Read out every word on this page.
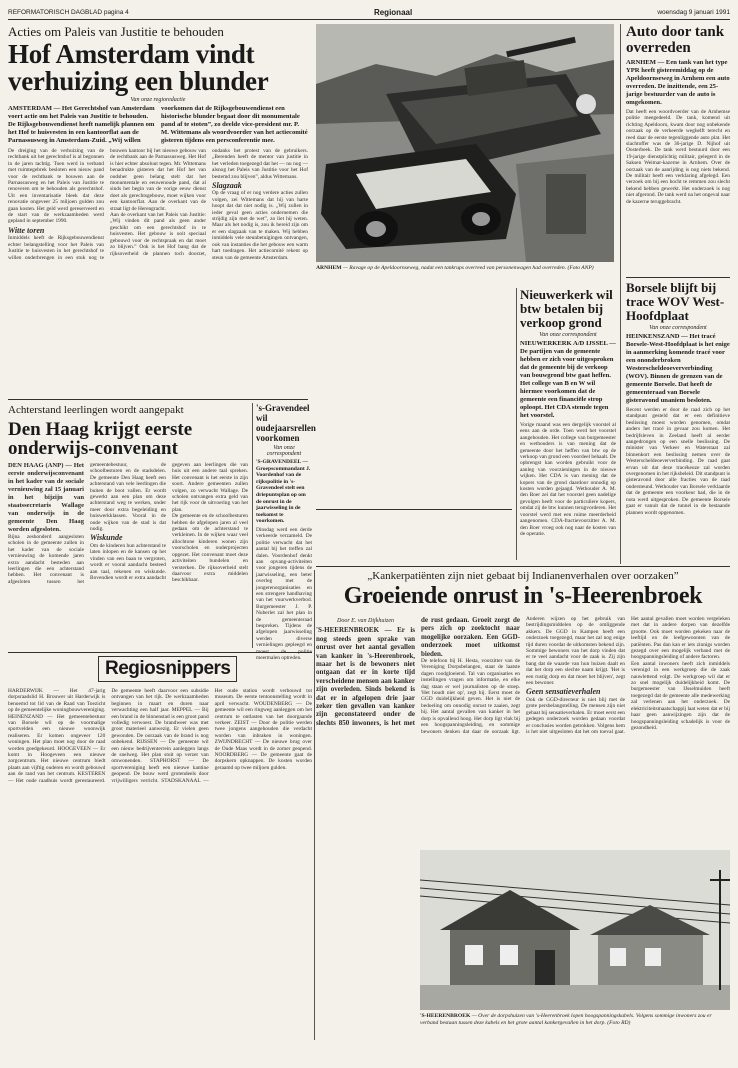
REFORMATORISCH DAGBLAD pagina 4	Regionaal	woensdag 9 januari 1991
Acties om Paleis van Justitie te behouden
Hof Amsterdam vindt verhuizing een blunder
Van onze regioredactie
AMSTERDAM — Het Gerechtshof van Amsterdam voert actie om het Paleis van Justitie te behouden. De Rijksgebouwendienst heeft namelijk plannen om het Hof te huisvesten in een kantoorflat aan de Parnassusweg in Amsterdam-Zuid. „Wij willen voorkomen dat de Rijksgebouwendienst een historische blunder begaat door dit monumentale pand af te stoten”, zo deelde vice-president mr. P. M. Wittemans als woordvoerder van het actiecomité gisteren tijdens een persconferentie mee.

De dreiging van de verhuizing van de rechtbank uit het gerechtshof is al begonnen in de jaren tachtig. Toen werd in verband met ruimtegebrek besloten een nieuw pand voor de rechtbank te bouwen aan de Parnassusweg en het Paleis van Justitie te renoveren om te behouden als gerechtshof. Uit een inventarisatie bleek dat deze renovatie ongeveer 25 miljoen gulden zou gaan kosten. Het geld werd gereserveerd en de start van de werkzaamheden werd gepland in september 1990.

Witte toren

Inmiddels heeft de Rijksgebouwendienst echter belangstelling voor het Paleis van Justitie te huisvesten in het gerechtshof te willen onderbrengen in een stuk nog te bouwen kantoor bij het nieuwe gebouw van de rechtbank aan de Parnassusweg. Het Hof is hier echter absoluut tegen. Mr. Wittemans benadrukte gisteren dat het Hof het van oudsher geen belang stelt dat het monumentale en eeuwenoude pand, dat al sinds het begin van de vorige eeuw dienst doet als gerechtsgebouw, moet wijken voor een kantoorflat. Aan de overkant van de straat ligt de Herengracht.

Aan de overkant van het Paleis van Justitie: „Wij vinden dit pand als geen ander geschikt om een gerechtshof in te huisvesten. Het gebouw is ooit speciaal gebouwd voor de rechtspraak en dat moet zo blijven.” Ook is het Hof bang dat de rijksoverheid de plannen toch doorzet, ondanks het protest van de gebruikers. „Berenden heeft de mentor van justitie in het verleden toegezegd dat het — nu nog — alsnog het Paleis van Justitie voor het Hof bestemd zou blijven”, aldus Wittemans.

Slagzaak

Op de vraag of er nog verdere acties zullen volgen, zei Wittemans dat hij van harte hoopt dat dat niet nodig is. „Wij zullen in ieder geval geen acties ondernemen die strijdig zijn met de wet”, zo liet hij weten. Maar als het nodig is, zou ik bereid zijn om er een slagzaak van te maken. Wij hebben inmiddels vele steunbetuigingen ontvangen, ook van instanties die het gebouw een warm hart toedragen. Het actiecomité rekent op steun van de gemeente Amsterdam.

ARNHEM — Ravage op de Apeldoornseweg, nadat een tankrups overreed van personenwagen had overreden. (Foto ANP)
Auto door tank overreden
ARNHEM — Een tank van het type YPR heeft gisteremiddag op de Apeldoornseweg in Arnhem een auto overreden. De inzittende, een 25-jarige bestuurder van de auto is omgekomen.
Dat heeft een woordvoerder van de Arnhemse politie meegedeeld. De tank, komend uit richting Apeldoorn, kwam door nog onbekende oorzaak op de verkeerde weghelft terecht en reed daar de eerste tegenliggende auto plat. Het slachtoffer was de 36-jarige D. Nijhof uit Oosterbeek. De tank werd bestuurd door een 19-jarige dienstplichtig militair, gelegerd in de Saksen Weimar-kazerne in Arnhem. Over de oorzaak van de aanrijding is nog niets bekend. De militair heeft een verklaring afgelegd. Een verzoek om bij een bocht te remmen zou slecht bekend hebben gewerkt. Het onderzoek is nog niet afgerond. De tank werd na het ongeval naar de kazerne teruggebracht.
Borsele blijft bij trace WOV West-Hoofdplaat
Van onze correspondent
HEINKENSZAND — Het tracé Borsele-West-Hoofdplaat is het enige in aanmerking komende tracé voor een ononderbroken Westerscheldeoeververbinding (WOV). Binnen de grenzen van de gemeente Borsele. Dat heeft de gemeenteraad van Borsele gisteravond unaniem besloten.
Recent werden er door de raad zich op het standpunt gesteld dat er een definitieve beslissing moest worden genomen, omdat anders het tracé in gevaar zou komen. Het bedrijfsleven in Zeeland heeft al eerder aangedrongen op een snelle beslissing. De minister van Verkeer en Waterstaat zal binnenkort een beslissing nemen over de Westerscheldeoeververbinding. De raad gaat ervan uit dat deze tracékeuze zal worden overgenomen in het rijksbeleid. Dit standpunt is gisteravond door alle fracties van de raad ondersteund. Wethouder van Borsele verklaarde dat de gemeente een voorkeur had, die in de nota werd uitgesproken. De gemeente Borsele gaat er vanuit dat de tunnel in de bestaande plannen wordt opgenomen.

Nieuwerkerk wil btw betalen bij verkoop grond
Van onze correspondent
NIEUWERKERK A/D IJSSEL — De partijen van de gemeente hebben er zich voor uitgesproken dat de gemeente bij de verkoop van bouwgrond btw gaat heffen. Het college van B en W wil hiermee voorkomen dat de gemeente een financiële strop oploopt. Het CDA stemde tegen het voorstel.
Vorige maand was een dergelijk voorstel al eens aan de orde. Toen werd het voorstel aangehouden. Het college van burgemeester en wethouders is van mening dat de gemeente door het heffen van btw op de verkoop van grond een voordeel behaalt. De opbrengst kan worden gebruikt voor de aanleg van voorzieningen in de nieuwe wijken. Het CDA is van mening dat de kopers van de grond daardoor onnodig op kosten worden gejaagd. Wethouder A. M. den Boer zei dat het voorstel geen nadelige gevolgen heeft voor de particuliere kopers, omdat zij de btw kunnen terugvorderen. Het voorstel werd met een ruime meerderheid aangenomen. CDA-fractievoorzitter A. M. den Boer vroeg ook nog naar de kosten van de operatie.
Achterstand leerlingen wordt aangepakt
Den Haag krijgt eerste onderwijs-convenant

DEN HAAG (ANP) — Het eerste onderwijsconvenant in het kader van de sociale vernieuwing zal 15 januari in het bijzijn van staatssecretaris Wallage van onderwijs in de gemeente Den Haag worden afgesloten.

Bijna zeshonderd aangesloten scholen in de gemeente zullen in het kader van de sociale vernieuwing de komende jaren extra aandacht besteden aan leerlingen die een achterstand hebben. Het convenant is afgesloten tussen het gemeentebestuur, de schoolbesturen en de stadsdelen. De gemeente Den Haag heeft een achterstand van vele leerlingen die buiten de boot vallen. Er wordt gewerkt aan een plan om deze achterstand weg te werken, onder meer door extra begeleiding en huiswerkklassen. Vooral in de oude wijken van de stad is dat nodig.

Wiskunde

Om de kinderen hun achterstand te laten inlopen en de kansen op het vinden van een baan te vergroten, wordt er vooral aandacht besteed aan taal, rekenen en wiskunde. Bovendien wordt er extra aandacht gegeven aan leerlingen die van huis uit een andere taal spreken. Het convenant is het eerste in zijn soort. Andere gemeenten zullen volgen, zo verwacht Wallage. De scholen ontvangen extra geld van het rijk voor de uitvoering van het plan.

De gemeente en de schoolbesturen hebben de afgelopen jaren al veel gedaan om de achterstand te verkleinen. In de wijken waar veel allochtone kinderen wonen zijn voorscholen en ouderprojecten opgezet. Het convenant moet deze activiteiten bundelen en versterken. De rijksoverheid stelt daarvoor extra middelen beschikbaar.	„Kankerpatiënten zijn niet gebaat bij Indianenverhalen over oorzaken”
Groeiende onrust in 's-Heerenbroek
Door E. van Dijkhuizen

'S-HEERENBROEK — Er is nog steeds geen sprake van onrust over het aantal gevallen van kanker in 's-Heerenbroek, maar het is de bewoners niet ontgaan dat er in korte tijd verscheidene mensen aan kanker zijn overleden. Sinds bekend is dat er in afgelopen drie jaar zeker tien gevallen van kanker zijn geconstateerd onder de slechts 850 inwoners, is het met de rust gedaan. Groeit zorgt de pers zich op zoektocht naar mogelijke oorzaken. Een GGD-onderzoek moet uitkomst bieden.

De telefoon bij H. Hesta, voorzitter van de Vereniging Dorpsbelangen, staat de laatste dagen roodgloeiend. Tal van organisaties en instellingen vragen om informatie, en elke dag staan er wel journalisten op de stoep. 'Het houdt niet op', zegt hij. Eerst moet de GGD duidelijkheid geven. Het is niet de bedoeling om onnodig onrust te zaaien, zegt hij. Het aantal gevallen van kanker in het dorp is opvallend hoog. Het dorp ligt vlak bij een hoogspanningsleiding, en sommige bewoners denken dat daar de oorzaak ligt. Anderen wijzen op het gebruik van bestrijdingsmiddelen op de omliggende akkers. De GGD in Kampen heeft een onderzoek toegezegd, maar het zal nog enige tijd duren voordat de uitkomsten bekend zijn. Sommige bewoners van het dorp vinden dat er te veel aandacht voor de zaak is. Zij zijn bang dat de waarde van hun huizen daalt en dat het dorp een slechte naam krijgt. 'Het is een rustig dorp en dat moet het blijven', zegt een bewoner.

Geen sensatieverhalen

Ook de GGD-directeur is niet blij met de grote persbelangstelling. De mensen zijn niet gebaat bij sensatieverhalen. Er moet eerst een gedegen onderzoek worden gedaan voordat er conclusies worden getrokken. Volgens hem is het niet uitgesloten dat het om toeval gaat. Het aantal gevallen moet worden vergeleken met dat in andere dorpen van dezelfde grootte. Ook moet worden gekeken naar de leeftijd en de leefgewoonten van de patiënten. Pas dan kan er iets zinnigs worden gezegd over een mogelijk verband met de hoogspanningsleiding of andere factoren.

Een aantal inwoners heeft zich inmiddels verenigd in een werkgroep die de zaak nauwlettend volgt. De werkgroep wil dat er zo snel mogelijk duidelijkheid komt. De burgemeester van IJsselmuiden heeft toegezegd dat de gemeente alle medewerking zal verlenen aan het onderzoek. De elektriciteitsmaatschappij laat weten dat er bij haar geen aanwijzingen zijn dat de hoogspanningsleiding schadelijk is voor de gezondheid.

'S-HEERENBROEK — Over de dorpshuizen van 's-Heerenbroek lopen hoogspanningskabels. Volgens sommige inwoners zou er verband bestaan tussen deze kabels en het grote aantal kankergevallen in het dorp. (Foto RD)
Regiosnippers
HARDERWIJK — Het 47-jarig dorpsraadslid H. Brouwer uit Harderwijk is benoemd tot lid van de Raad van Toezicht op de gemeentelijke woningbouwvereniging. HEINENZAND — Het gemeentebestuur van Borsele wil op de voormalige sportvelden een nieuwe woonwijk realiseren. Er komen ongeveer 120 woningen. Het plan moet nog door de raad worden goedgekeurd. HOOGEVEEN — Er komt in Hoogeveen een nieuwe zorgcentrum. Het nieuwe centrum biedt plaats aan vijftig ouderen en wordt gebouwd aan de rand van het centrum. KESTEREN — Het oude raadhuis wordt gerestaureerd. De gemeente heeft daarvoor een subsidie ontvangen van het rijk. De werkzaamheden beginnen in maart en duren naar verwachting een half jaar. MEPPEL — Bij een brand in de binnenstad is een groot pand volledig verwoest. De brandweer was met groot materieel aanwezig. Er vielen geen gewonden. De oorzaak van de brand is nog onbekend. RIJSSEN — De gemeente wil een nieuw bedrijventerrein aanleggen langs de snelweg. Het plan stuit op verzet van omwonenden. STAPHORST — De sportvereniging heeft een nieuwe kantine geopend. De bouw werd grotendeels door vrijwilligers verricht. STADSKANAAL — Het oude station wordt verbouwd tot museum. De eerste tentoonstelling wordt in april verwacht. WOUDENBERG — De gemeente wil een ringweg aanleggen om het centrum te ontlasten van het doorgaande verkeer. ZEIST — Door de politie werden twee jongens aangehouden die verdacht worden van inbraken in woningen. ZWIJNDRECHT — De nieuwe brug over de Oude Maas wordt in de zomer geopend. NOORDBERG — De gemeente gaat de dorpskern opknappen. De kosten worden geraamd op twee miljoen gulden.
's-Gravendeel wil oudejaarsrellen voorkomen
Van onze correspondent
'S-GRAVENDEEL — Groepscommandant J. Voordenhof van de rijkspolitie in 's-Gravendeel stelt een driepuntsplan op om de onrust in de jaarwisseling in de toekomst te voorkomen.
Dinsdag werd een derde verkeerde verzameld. De politie verwacht dat het aantal bij het treffen zal dalen. Voordenhof denkt aan opvang-activiteiten voor jongeren tijdens de jaarwisseling, een beter overleg met de jongerenorganisaties en een strengere handhaving van het vuurwerkverbod. Burgemeester J. P. Nuberlet zal het plan in de gemeenteraad bespreken. Tijdens de afgelopen jaarwisseling werden diverse vernielingen gepleegd en moest de politie meermalen optreden.
